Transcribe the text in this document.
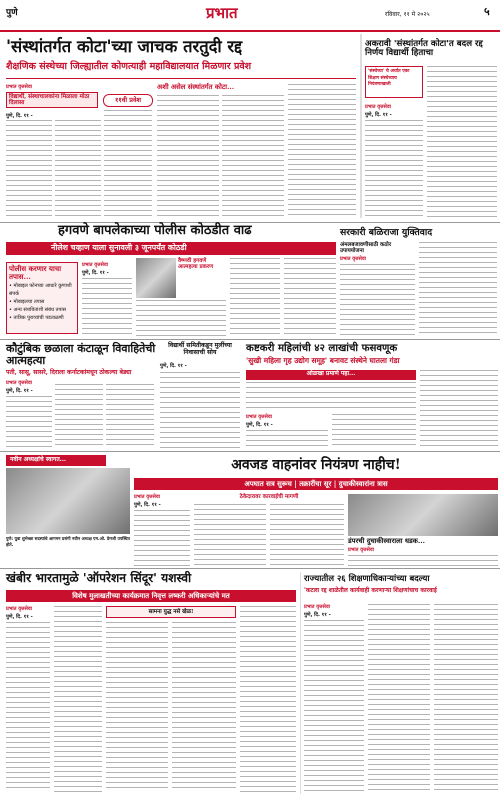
पुणे	प्रभात	रविवार, ११ मे २०२५	५
'संस्थांतर्गत कोटा'च्या जाचक तरतुदी रद्द
शैक्षणिक संस्थेच्या जिल्ह्यातील कोणत्याही महाविद्यालयात मिळणार प्रवेश
विद्यार्थी, संस्थाचालकांना मिळाला मोठा दिलासा
प्रभात वृत्तसेवा
पुणे, दि. ११ -
११वी प्रवेश
अशी असेल संस्थांतर्गत कोटा...
अकरावी 'संस्थांतर्गत कोटा'त बदल रद्द निर्णय विद्यार्थी हिताचा
'संस्थेच्या' चे अर्थात एका शिक्षण संस्थेच्याच नियंत्रणाखाली
प्रभात वृत्तसेवा
पुणे, दि. ११ -
हगवणे बापलेकाच्या पोलीस कोठडीत वाढ
नीलेश चव्हाण याला सुनावली ३ जूनपर्यंत कोठडी
पोलीस करणार याचा तपास...
• मोबाइल फोनच्या आधारे कुणाशी संपर्क
• मोबाइलचा तपास
• अन्य संशयितांशी संबंध तपास
• तांत्रिक पुराव्यांची पडताळणी
प्रभात वृत्तसेवा
पुणे, दि. ११ -
वैष्णवी हगवणे आत्महत्या प्रकरण
सरकारी बळिराजा युक्तिवाद
अंमलबजावणीसाठी कठोर उपाययोजना
प्रभात वृत्तसेवा
कौटुंबिक छळाला कंटाळून विवाहितेची आत्महत्या
पती, सासू, सासरे, दिराला कर्नाटकांमधून ठोकल्या बेड्या
प्रभात वृत्तसेवा
पुणे, दि. ११ -
विद्यार्थी समितीकडून मुलींच्या निवासाची सोय
पुणे, दि. ११ -
कष्टकरी महिलांची ४२ लाखांची फसवणूक
'सुखी महिला गृह उद्योग समूह' बनावट संस्थेने घातला गंडा
ओळखा प्रमाणे पहा...
प्रभात वृत्तसेवा
पुणे, दि. ११ -
नवीन अध्यक्षांचे स्वागत...
पुणे: युवा शुभेच्छा सदस्यांचे आगमन प्रसंगी नवीन अध्यक्ष एम.ओ. प्रेमजी उपस्थित होते.
अवजड वाहनांवर नियंत्रण नाहीच!
अपघात सत्र सुरूच | तक्रारींचा सूर | दुचाकीस्वारांना त्रास
प्रभात वृत्तसेवा
पुणे, दि. ११ -
ठेकेदारावर कारवाईची मागणी
डंपरची दुचाकीस्वाराला धडक...
प्रभात वृत्तसेवा
खंबीर भारतामुळे 'ऑपरेशन सिंदूर' यशस्वी
विशेष मुलाखतीच्या कार्यक्रमात निवृत्त लष्करी अधिकाऱ्यांचे मत
प्रभात वृत्तसेवा
पुणे, दि. ११ -
सामना युद्ध नसे खेळ!
राज्यातील २६ शिक्षणाधिकाऱ्यांच्या बदल्या
'कटला रद्द शाळेतील कार्यवाही करणाऱ्या शिक्षणांचाच कारवाई
प्रभात वृत्तसेवा
पुणे, दि. ११ -
